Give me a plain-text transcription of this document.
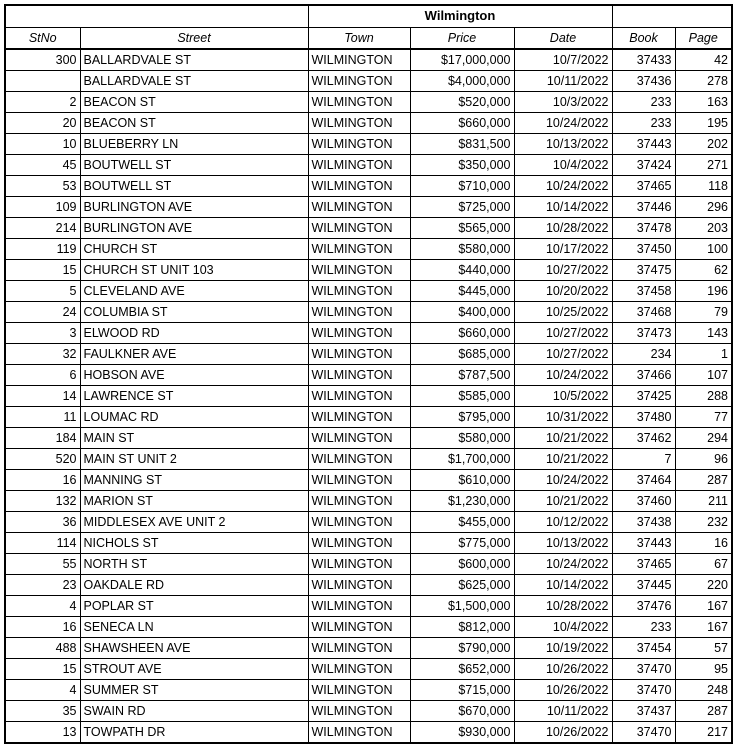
		Wilmington				
StNo	Street	Town	Price	Date	Book	Page
300	BALLARDVALE ST	WILMINGTON	$17,000,000	10/7/2022	37433	42
	BALLARDVALE ST	WILMINGTON	$4,000,000	10/11/2022	37436	278
2	BEACON ST	WILMINGTON	$520,000	10/3/2022	233	163
20	BEACON ST	WILMINGTON	$660,000	10/24/2022	233	195
10	BLUEBERRY LN	WILMINGTON	$831,500	10/13/2022	37443	202
45	BOUTWELL ST	WILMINGTON	$350,000	10/4/2022	37424	271
53	BOUTWELL ST	WILMINGTON	$710,000	10/24/2022	37465	118
109	BURLINGTON AVE	WILMINGTON	$725,000	10/14/2022	37446	296
214	BURLINGTON AVE	WILMINGTON	$565,000	10/28/2022	37478	203
119	CHURCH ST	WILMINGTON	$580,000	10/17/2022	37450	100
15	CHURCH ST UNIT 103	WILMINGTON	$440,000	10/27/2022	37475	62
5	CLEVELAND AVE	WILMINGTON	$445,000	10/20/2022	37458	196
24	COLUMBIA ST	WILMINGTON	$400,000	10/25/2022	37468	79
3	ELWOOD RD	WILMINGTON	$660,000	10/27/2022	37473	143
32	FAULKNER AVE	WILMINGTON	$685,000	10/27/2022	234	1
6	HOBSON AVE	WILMINGTON	$787,500	10/24/2022	37466	107
14	LAWRENCE ST	WILMINGTON	$585,000	10/5/2022	37425	288
11	LOUMAC RD	WILMINGTON	$795,000	10/31/2022	37480	77
184	MAIN ST	WILMINGTON	$580,000	10/21/2022	37462	294
520	MAIN ST UNIT 2	WILMINGTON	$1,700,000	10/21/2022	7	96
16	MANNING ST	WILMINGTON	$610,000	10/24/2022	37464	287
132	MARION ST	WILMINGTON	$1,230,000	10/21/2022	37460	211
36	MIDDLESEX AVE UNIT 2	WILMINGTON	$455,000	10/12/2022	37438	232
114	NICHOLS ST	WILMINGTON	$775,000	10/13/2022	37443	16
55	NORTH ST	WILMINGTON	$600,000	10/24/2022	37465	67
23	OAKDALE RD	WILMINGTON	$625,000	10/14/2022	37445	220
4	POPLAR ST	WILMINGTON	$1,500,000	10/28/2022	37476	167
16	SENECA LN	WILMINGTON	$812,000	10/4/2022	233	167
488	SHAWSHEEN AVE	WILMINGTON	$790,000	10/19/2022	37454	57
15	STROUT AVE	WILMINGTON	$652,000	10/26/2022	37470	95
4	SUMMER ST	WILMINGTON	$715,000	10/26/2022	37470	248
35	SWAIN RD	WILMINGTON	$670,000	10/11/2022	37437	287
13	TOWPATH DR	WILMINGTON	$930,000	10/26/2022	37470	217
